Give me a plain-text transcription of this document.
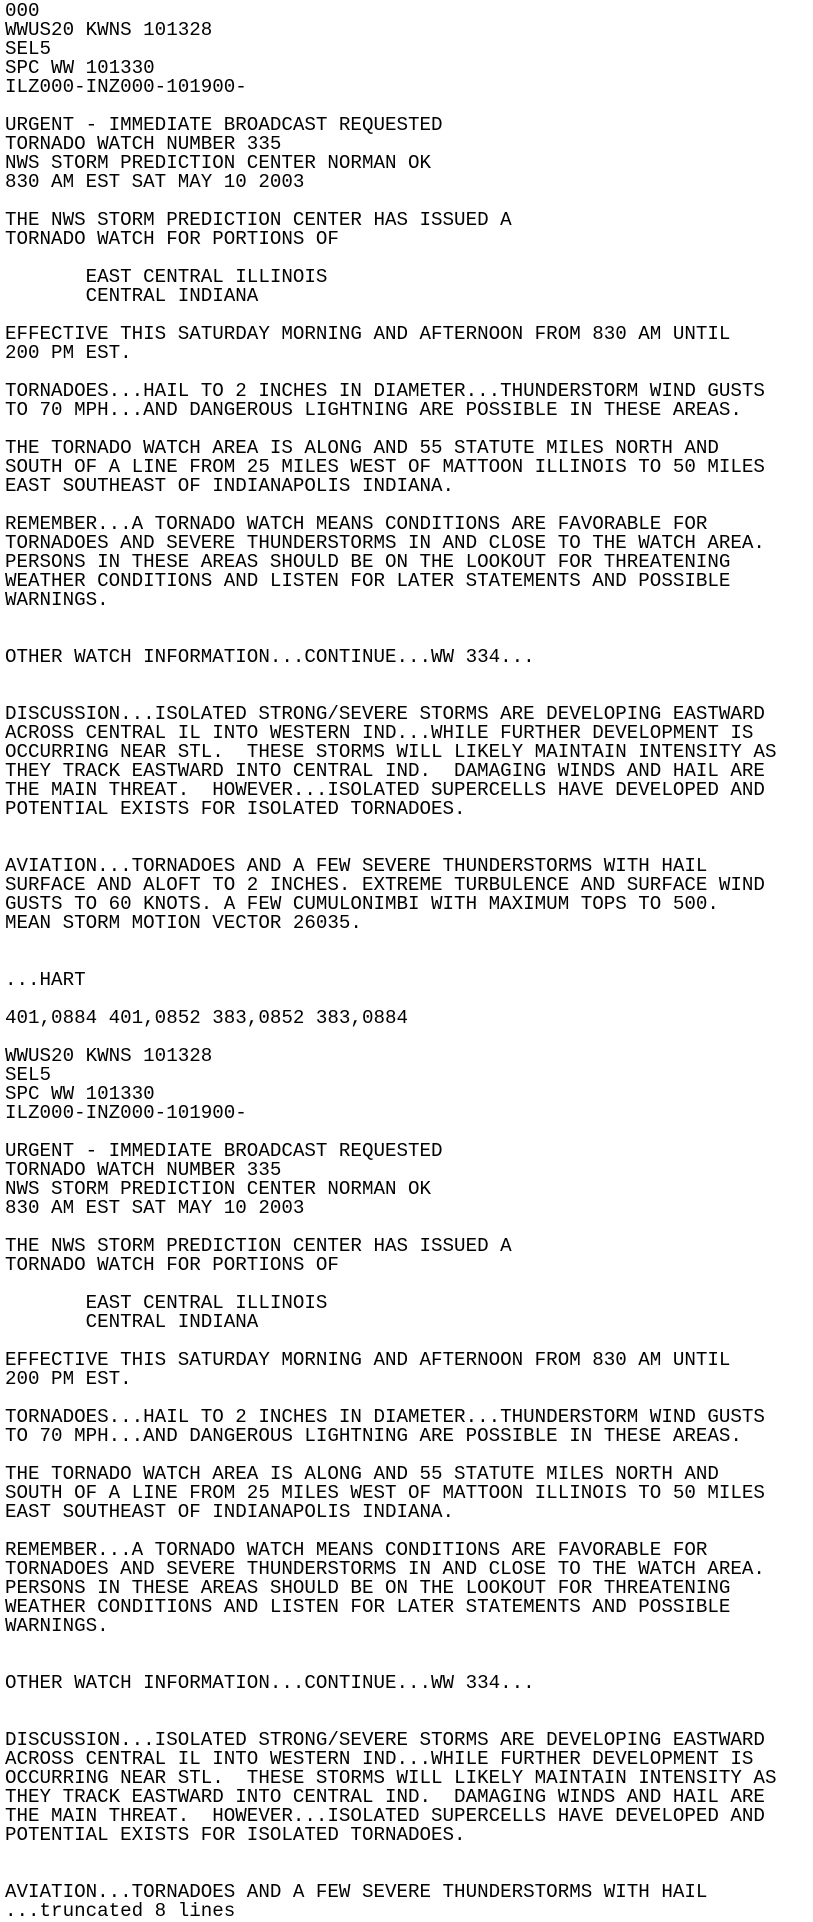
000
WWUS20 KWNS 101328
SEL5
SPC WW 101330
ILZ000-INZ000-101900-
URGENT - IMMEDIATE BROADCAST REQUESTED
TORNADO WATCH NUMBER 335
NWS STORM PREDICTION CENTER NORMAN OK
830 AM EST SAT MAY 10 2003
THE NWS STORM PREDICTION CENTER HAS ISSUED A
TORNADO WATCH FOR PORTIONS OF
EAST CENTRAL ILLINOIS
CENTRAL INDIANA
EFFECTIVE THIS SATURDAY MORNING AND AFTERNOON FROM 830 AM UNTIL
200 PM EST.
TORNADOES...HAIL TO 2 INCHES IN DIAMETER...THUNDERSTORM WIND GUSTS
TO 70 MPH...AND DANGEROUS LIGHTNING ARE POSSIBLE IN THESE AREAS.
THE TORNADO WATCH AREA IS ALONG AND 55 STATUTE MILES NORTH AND
SOUTH OF A LINE FROM 25 MILES WEST OF MATTOON ILLINOIS TO 50 MILES
EAST SOUTHEAST OF INDIANAPOLIS INDIANA.
REMEMBER...A TORNADO WATCH MEANS CONDITIONS ARE FAVORABLE FOR
TORNADOES AND SEVERE THUNDERSTORMS IN AND CLOSE TO THE WATCH AREA.
PERSONS IN THESE AREAS SHOULD BE ON THE LOOKOUT FOR THREATENING
WEATHER CONDITIONS AND LISTEN FOR LATER STATEMENTS AND POSSIBLE
WARNINGS.
OTHER WATCH INFORMATION...CONTINUE...WW 334...
DISCUSSION...ISOLATED STRONG/SEVERE STORMS ARE DEVELOPING EASTWARD
ACROSS CENTRAL IL INTO WESTERN IND...WHILE FURTHER DEVELOPMENT IS
OCCURRING NEAR STL.  THESE STORMS WILL LIKELY MAINTAIN INTENSITY AS
THEY TRACK EASTWARD INTO CENTRAL IND.  DAMAGING WINDS AND HAIL ARE
THE MAIN THREAT.  HOWEVER...ISOLATED SUPERCELLS HAVE DEVELOPED AND
POTENTIAL EXISTS FOR ISOLATED TORNADOES.
AVIATION...TORNADOES AND A FEW SEVERE THUNDERSTORMS WITH HAIL
SURFACE AND ALOFT TO 2 INCHES. EXTREME TURBULENCE AND SURFACE WIND
GUSTS TO 60 KNOTS. A FEW CUMULONIMBI WITH MAXIMUM TOPS TO 500.
MEAN STORM MOTION VECTOR 26035.
...HART
401,0884 401,0852 383,0852 383,0884
WWUS20 KWNS 101328
SEL5
SPC WW 101330
ILZ000-INZ000-101900-
URGENT - IMMEDIATE BROADCAST REQUESTED
TORNADO WATCH NUMBER 335
NWS STORM PREDICTION CENTER NORMAN OK
830 AM EST SAT MAY 10 2003
THE NWS STORM PREDICTION CENTER HAS ISSUED A
TORNADO WATCH FOR PORTIONS OF
EAST CENTRAL ILLINOIS
CENTRAL INDIANA
EFFECTIVE THIS SATURDAY MORNING AND AFTERNOON FROM 830 AM UNTIL
200 PM EST.
TORNADOES...HAIL TO 2 INCHES IN DIAMETER...THUNDERSTORM WIND GUSTS
TO 70 MPH...AND DANGEROUS LIGHTNING ARE POSSIBLE IN THESE AREAS.
THE TORNADO WATCH AREA IS ALONG AND 55 STATUTE MILES NORTH AND
SOUTH OF A LINE FROM 25 MILES WEST OF MATTOON ILLINOIS TO 50 MILES
EAST SOUTHEAST OF INDIANAPOLIS INDIANA.
REMEMBER...A TORNADO WATCH MEANS CONDITIONS ARE FAVORABLE FOR
TORNADOES AND SEVERE THUNDERSTORMS IN AND CLOSE TO THE WATCH AREA.
PERSONS IN THESE AREAS SHOULD BE ON THE LOOKOUT FOR THREATENING
WEATHER CONDITIONS AND LISTEN FOR LATER STATEMENTS AND POSSIBLE
WARNINGS.
OTHER WATCH INFORMATION...CONTINUE...WW 334...
DISCUSSION...ISOLATED STRONG/SEVERE STORMS ARE DEVELOPING EASTWARD
ACROSS CENTRAL IL INTO WESTERN IND...WHILE FURTHER DEVELOPMENT IS
OCCURRING NEAR STL.  THESE STORMS WILL LIKELY MAINTAIN INTENSITY AS
THEY TRACK EASTWARD INTO CENTRAL IND.  DAMAGING WINDS AND HAIL ARE
THE MAIN THREAT.  HOWEVER...ISOLATED SUPERCELLS HAVE DEVELOPED AND
POTENTIAL EXISTS FOR ISOLATED TORNADOES.
AVIATION...TORNADOES AND A FEW SEVERE THUNDERSTORMS WITH HAIL
...truncated 8 lines
